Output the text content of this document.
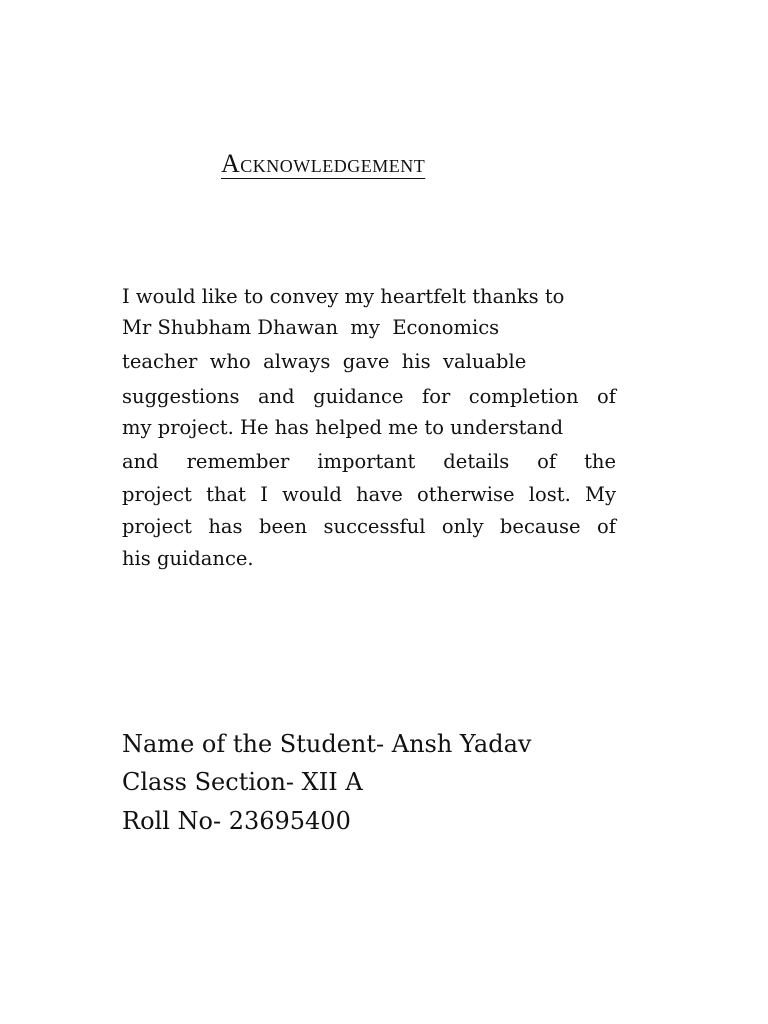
Acknowledgement

I would like to convey my heartfelt thanks to

Mr Shubham Dhawan  my  Economics

teacher  who  always  gave  his  valuable

suggestions and guidance for completion of

my project. He has helped me to understand

and remember important details of the

project that I would have otherwise lost. My

project has been successful only because of

his guidance.

Name of the Student- Ansh Yadav
Class Section- XII A
Roll No- 23695400
